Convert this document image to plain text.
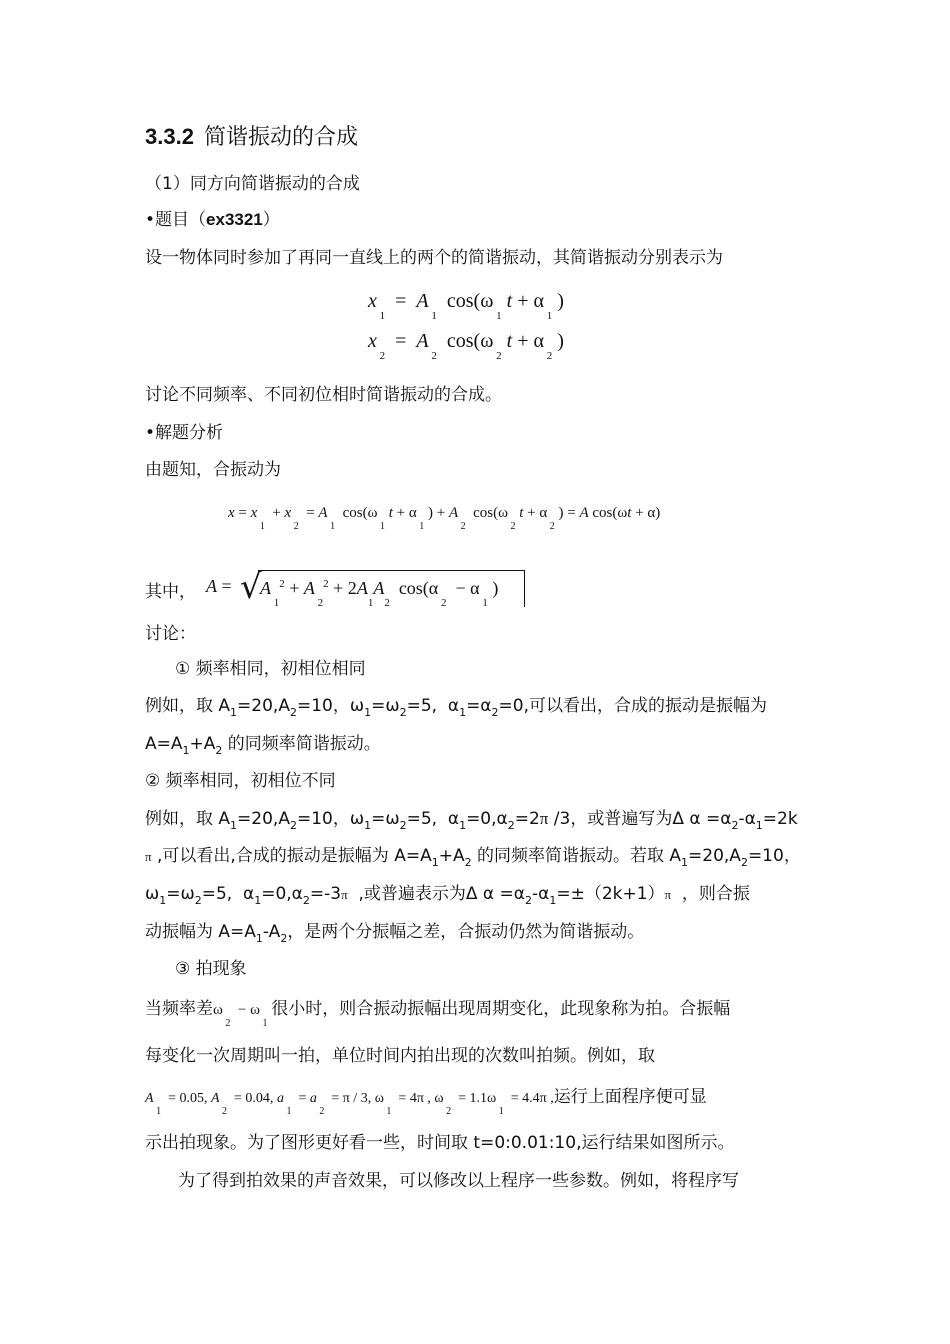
3.3.2 简谐振动的合成
（1）同方向简谐振动的合成
•题目（ex3321）
设一物体同时参加了再同一直线上的两个的简谐振动，其简谐振动分别表示为
x $_1$  =  A $_1$  cos(ω $_1$ t + α $_1$ )
x $_2$  =  A $_2$  cos(ω $_2$ t + α $_2$ )
讨论不同频率、不同初位相时简谐振动的合成。
•解题分析
由题知，合振动为
x = x $_1$  + x $_2$  = A $_1$  cos(ω $_1$ t + α $_1$ ) + A $_2$  cos(ω $_2$ t + α $_2$ ) = A cos(ωt + α)
其中， A = √
A $_1^2$ + A $_2^2 + 2A_1A_2$  cos(α $_2$  − α $_1$ )
讨论：
① 频率相同，初相位相同
例如，取 $A_1=20,A_2=10$，$\omega_1=\omega_2=5$,  $\alpha_1=\alpha_2=0$,可以看出，合成的振动是振幅为
$A=A_1+A_2$ 的同频率简谐振动。
② 频率相同，初相位不同
例如，取 $A_1=20,A_2=10$，$\omega_1=\omega_2=5$,  $\alpha_1=0,\alpha_2=2\pi$ /3，或普遍写为Δ $\alpha =\alpha_2-\alpha_1=2k$
π ,可以看出,合成的振动是振幅为 $A=A_1+A_2$ 的同频率简谐振动。若取 $A_1=20,A_2=10$，
$\omega_1=\omega_2=5$,  $\alpha_1=0,\alpha_2=-3\pi$  ,或普遍表示为Δ $\alpha =\alpha_2-\alpha_1=\pm(2k+1)\pi$  ，则合振
动振幅为 $A=A_1-A_2$，是两个分振幅之差，合振动仍然为简谐振动。
③ 拍现象
当频率差ω $_2$  − ω $_1$ 很小时，则合振动振幅出现周期变化，此现象称为拍。合振幅
每变化一次周期叫一拍，单位时间内拍出现的次数叫拍频。例如，取
A $_1$  = 0.05, A $_2$  = 0.04, a $_1$  = a $_2$  = π / 3, ω $_1$  = 4π , ω $_2$  = 1.1ω $_1$  = 4.4π ,运行上面程序便可显
示出拍现象。为了图形更好看一些，时间取 t=0:0.01:10,运行结果如图所示。
为了得到拍效果的声音效果，可以修改以上程序一些参数。例如，将程序写
